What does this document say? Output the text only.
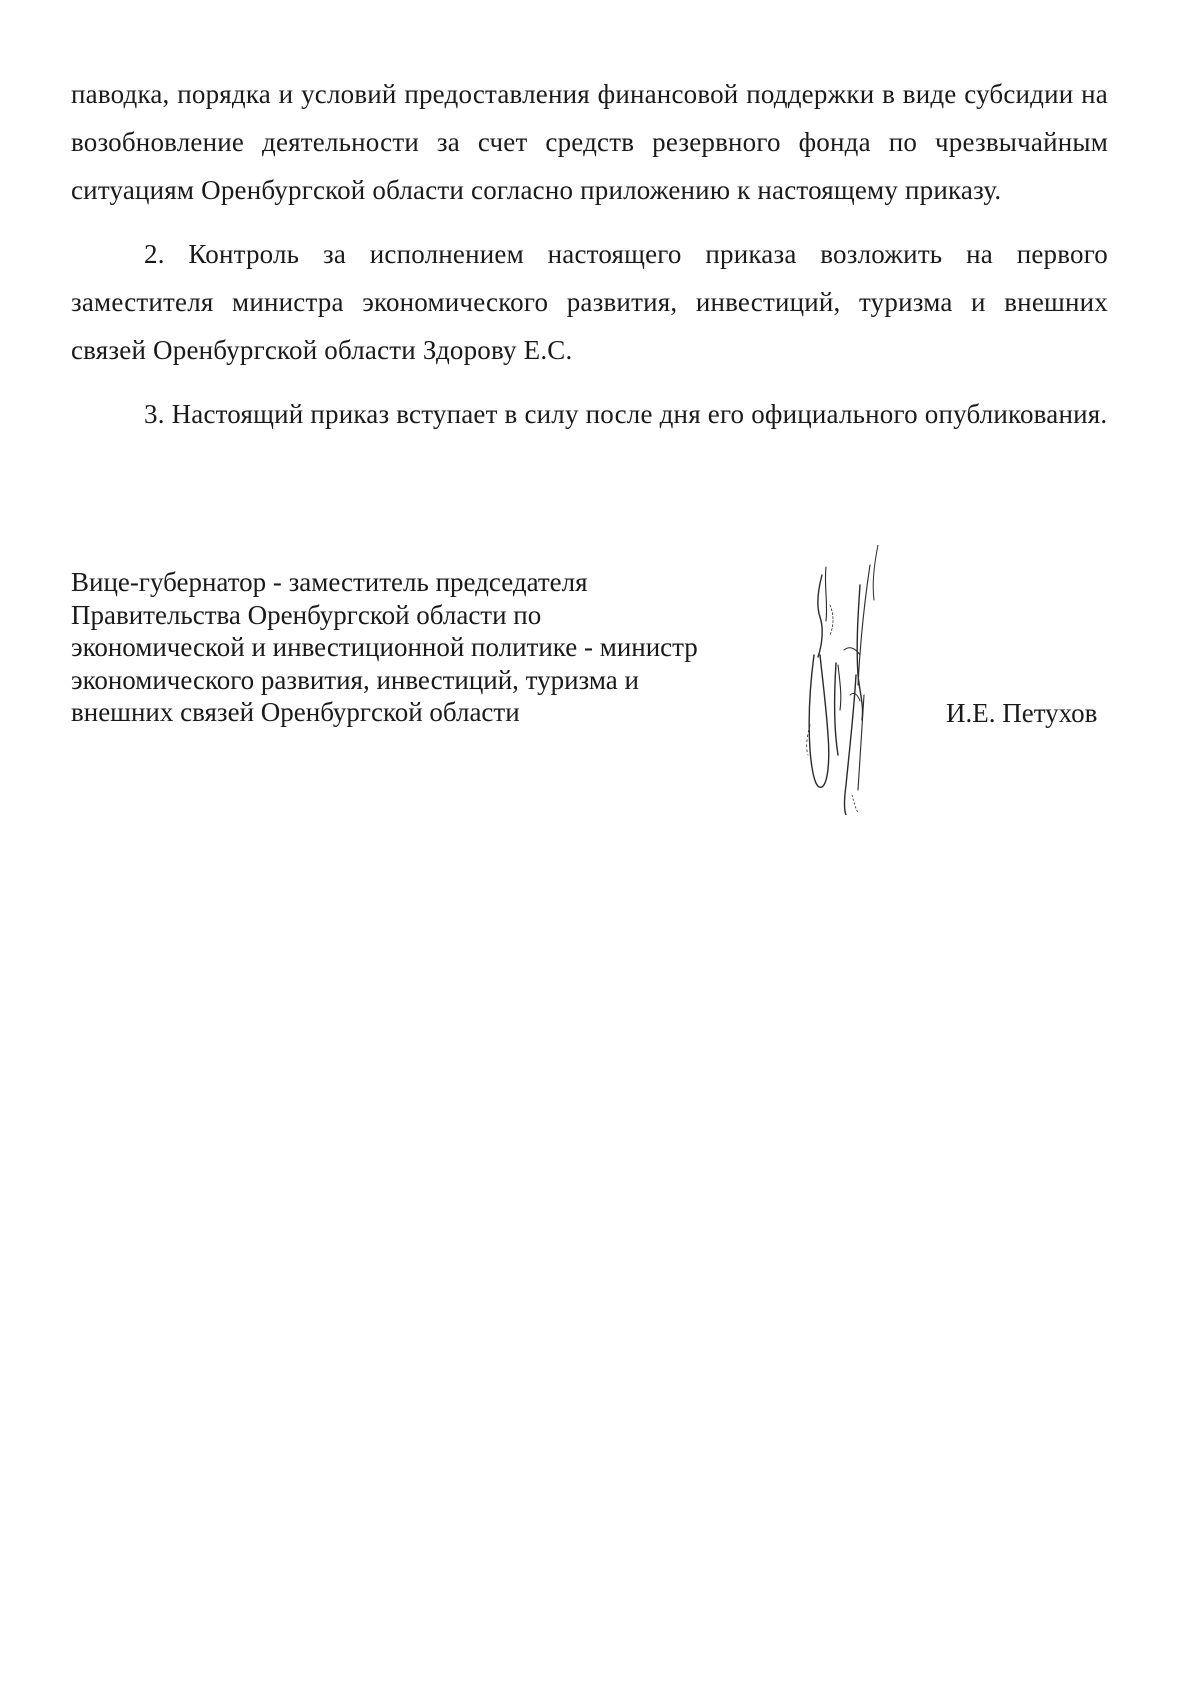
паводка, порядка и условий предоставления финансовой поддержки в виде субсидии на возобновление деятельности за счет средств резервного фонда по чрезвычайным ситуациям Оренбургской области согласно приложению к настоящему приказу.

2. Контроль за исполнением настоящего приказа возложить на первого заместителя министра экономического развития, инвестиций, туризма и внешних связей Оренбургской области Здорову Е.С.

3. Настоящий приказ вступает в силу после дня его официального опубликования.

Вице-губернатор - заместитель председателя
Правительства Оренбургской области по
экономической и инвестиционной политике - министр
экономического развития, инвестиций, туризма и
внешних связей Оренбургской области	И.Е. Петухов
